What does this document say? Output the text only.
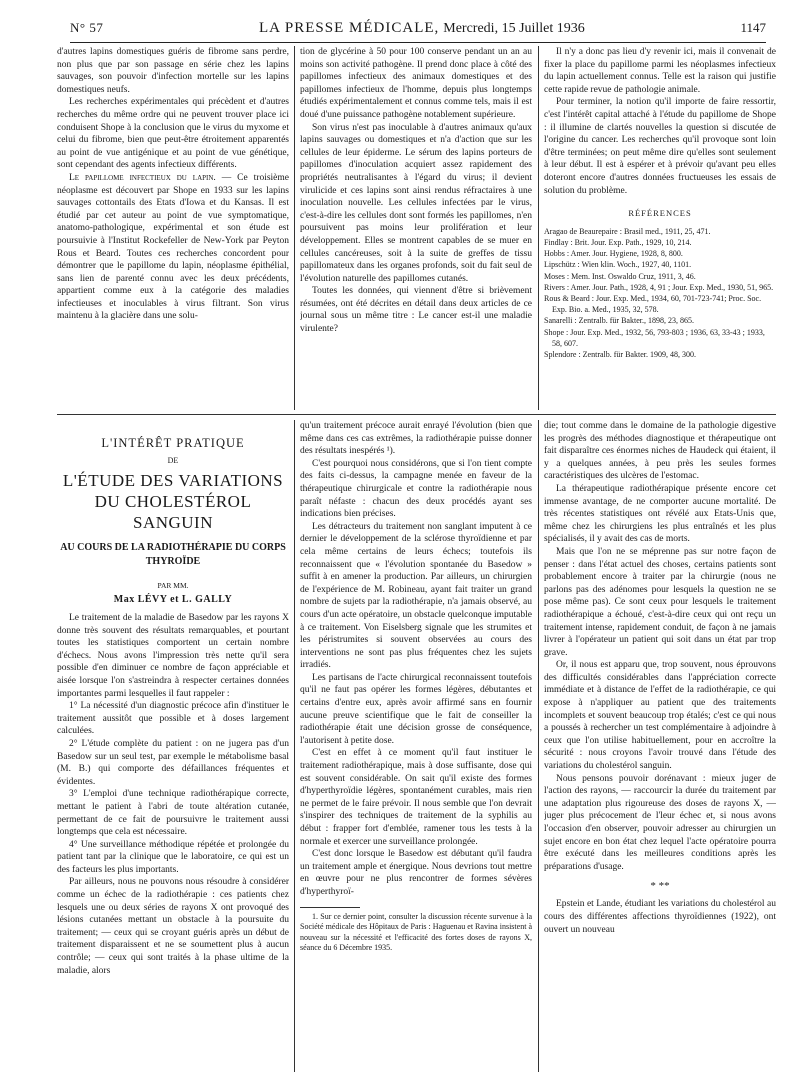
N° 57	LA PRESSE MÉDICALE, Mercredi, 15 Juillet 1936	1147

d'autres lapins domestiques guéris de fibrome sans perdre, non plus que par son passage en série chez les lapins sauvages, son pouvoir d'infection mortelle sur les lapins domestiques neufs.

Les recherches expérimentales qui précèdent et d'autres recherches du même ordre qui ne peuvent trouver place ici conduisent Shope à la conclusion que le virus du myxome et celui du fibrome, bien que peut-être étroitement apparentés au point de vue antigénique et au point de vue génétique, sont cependant des agents infectieux différents.

Le papillome infectieux du lapin. — Ce troisième néoplasme est découvert par Shope en 1933 sur les lapins sauvages cottontails des Etats d'Iowa et du Kansas. Il est étudié par cet auteur au point de vue symptomatique, anatomo-pathologique, expérimental et son étude est poursuivie à l'Institut Rockefeller de New-York par Peyton Rous et Beard. Toutes ces recherches concordent pour démontrer que le papillome du lapin, néoplasme épithélial, sans lien de parenté connu avec les deux précédents, appartient comme eux à la catégorie des maladies infectieuses et inoculables à virus filtrant. Son virus maintenu à la glacière dans une solu-

tion de glycérine à 50 pour 100 conserve pendant un an au moins son activité pathogène. Il prend donc place à côté des papillomes infectieux des animaux domestiques et des papillomes infectieux de l'homme, depuis plus longtemps étudiés expérimentalement et connus comme tels, mais il est doué d'une puissance pathogène notablement supérieure.

Son virus n'est pas inoculable à d'autres animaux qu'aux lapins sauvages ou domestiques et n'a d'action que sur les cellules de leur épiderme. Le sérum des lapins porteurs de papillomes d'inoculation acquiert assez rapidement des propriétés neutralisantes à l'égard du virus; il devient virulicide et ces lapins sont ainsi rendus réfractaires à une inoculation nouvelle. Les cellules infectées par le virus, c'est-à-dire les cellules dont sont formés les papillomes, n'en poursuivent pas moins leur prolifération et leur développement. Elles se montrent capables de se muer en cellules cancéreuses, soit à la suite de greffes de tissu papillomateux dans les organes profonds, soit du fait seul de l'évolution naturelle des papillomes cutanés.

Toutes les données, qui viennent d'être si brièvement résumées, ont été décrites en détail dans deux articles de ce journal sous un même titre : Le cancer est-il une maladie virulente?

Il n'y a donc pas lieu d'y revenir ici, mais il convenait de fixer la place du papillome parmi les néoplasmes infectieux du lapin actuellement connus. Telle est la raison qui justifie cette rapide revue de pathologie animale.

Pour terminer, la notion qu'il importe de faire ressortir, c'est l'intérêt capital attaché à l'étude du papillome de Shope : il illumine de clartés nouvelles la question si discutée de l'origine du cancer. Les recherches qu'il provoque sont loin d'être terminées; on peut même dire qu'elles sont seulement à leur début. Il est à espérer et à prévoir qu'avant peu elles doteront encore d'autres données fructueuses les essais de solution du problème.

RÉFÉRENCES
Aragao de Beaurepaire : Brasil med., 1911, 25, 471.
Findlay : Brit. Jour. Exp. Path., 1929, 10, 214.
Hobbs : Amer. Jour. Hygiene, 1928, 8, 800.
Lipschütz : Wien klin. Woch., 1927, 40, 1101.
Moses : Mem. Inst. Oswaldo Cruz, 1911, 3, 46.
Rivers : Amer. Jour. Path., 1928, 4, 91 ; Jour. Exp. Med., 1930, 51, 965.
Rous & Beard : Jour. Exp. Med., 1934, 60, 701-723-741; Proc. Soc. Exp. Bio. a. Med., 1935, 32, 578.
Sanarelli : Zentralb. für Bakter., 1898, 23, 865.
Shope : Jour. Exp. Med., 1932, 56, 793-803 ; 1936, 63, 33-43 ; 1933, 58, 607.
Splendore : Zentralb. für Bakter. 1909, 48, 300.
L'INTÉRÊT PRATIQUE
DE
L'ÉTUDE DES VARIATIONS DU CHOLESTÉROL SANGUIN
AU COURS DE LA RADIOTHÉRAPIE DU CORPS THYROÏDE
PAR MM.
Max LÉVY et L. GALLY

Le traitement de la maladie de Basedow par les rayons X donne très souvent des résultats remarquables, et pourtant toutes les statistiques comportent un certain nombre d'échecs. Nous avons l'impression très nette qu'il sera possible d'en diminuer ce nombre de façon appréciable et aisée lorsque l'on s'astreindra à respecter certaines données importantes parmi lesquelles il faut rappeler :

1° La nécessité d'un diagnostic précoce afin d'instituer le traitement aussitôt que possible et à doses largement calculées.

2° L'étude complète du patient : on ne jugera pas d'un Basedow sur un seul test, par exemple le métabolisme basal (M. B.) qui comporte des défaillances fréquentes et évidentes.

3° L'emploi d'une technique radiothérapique correcte, mettant le patient à l'abri de toute altération cutanée, permettant de ce fait de poursuivre le traitement aussi longtemps que cela est nécessaire.

4° Une surveillance méthodique répétée et prolongée du patient tant par la clinique que le laboratoire, ce qui est un des facteurs les plus importants.

Par ailleurs, nous ne pouvons nous résoudre à considérer comme un échec de la radiothérapie : ces patients chez lesquels une ou deux séries de rayons X ont provoqué des lésions cutanées mettant un obstacle à la poursuite du traitement; — ceux qui se croyant guéris après un début de traitement disparaissent et ne se soumettent plus à aucun contrôle; — ceux qui sont traités à la phase ultime de la maladie, alors

qu'un traitement précoce aurait enrayé l'évolution (bien que même dans ces cas extrêmes, la radiothérapie puisse donner des résultats inespérés ¹).

C'est pourquoi nous considérons, que si l'on tient compte des faits ci-dessus, la campagne menée en faveur de la thérapeutique chirurgicale et contre la radiothérapie nous paraît néfaste : chacun des deux procédés ayant ses indications bien précises.

Les détracteurs du traitement non sanglant imputent à ce dernier le développement de la sclérose thyroïdienne et par cela même certains de leurs échecs; toutefois ils reconnaissent que « l'évolution spontanée du Basedow » suffit à en amener la production. Par ailleurs, un chirurgien de l'expérience de M. Robineau, ayant fait traiter un grand nombre de sujets par la radiothérapie, n'a jamais observé, au cours d'un acte opératoire, un obstacle quelconque imputable à ce traitement. Von Eiselsberg signale que les strumites et les péristrumites si souvent observées au cours des interventions ne sont pas plus fréquentes chez les sujets irradiés.

Les partisans de l'acte chirurgical reconnaissent toutefois qu'il ne faut pas opérer les formes légères, débutantes et certains d'entre eux, après avoir affirmé sans en fournir aucune preuve scientifique que le fait de conseiller la radiothérapie était une décision grosse de conséquence, l'autorisent à petite dose.

C'est en effet à ce moment qu'il faut instituer le traitement radiothérapique, mais à dose suffisante, dose qui est souvent considérable. On sait qu'il existe des formes d'hyperthyroïdie légères, spontanément curables, mais rien ne permet de le faire prévoir. Il nous semble que l'on devrait s'inspirer des techniques de traitement de la syphilis au début : frapper fort d'emblée, ramener tous les tests à la normale et exercer une surveillance prolongée.

C'est donc lorsque le Basedow est débutant qu'il faudra un traitement ample et énergique. Nous devrions tout mettre en œuvre pour ne plus rencontrer de formes sévères d'hyperthyroï-

1. Sur ce dernier point, consulter la discussion récente survenue à la Société médicale des Hôpitaux de Paris : Haguenau et Ravina insistent à nouveau sur la nécessité et l'efficacité des fortes doses de rayons X, séance du 6 Décembre 1935.

die; tout comme dans le domaine de la pathologie digestive les progrès des méthodes diagnostique et thérapeutique ont fait disparaître ces énormes niches de Haudeck qui étaient, il y a quelques années, à peu près les seules formes caractéristiques des ulcères de l'estomac.

La thérapeutique radiothérapique présente encore cet immense avantage, de ne comporter aucune mortalité. De très récentes statistiques ont révélé aux Etats-Unis que, même chez les chirurgiens les plus entraînés et les plus spécialisés, il y avait des cas de morts.

Mais que l'on ne se méprenne pas sur notre façon de penser : dans l'état actuel des choses, certains patients sont probablement encore à traiter par la chirurgie (nous ne parlons pas des adénomes pour lesquels la question ne se pose même pas). Ce sont ceux pour lesquels le traitement radiothérapique a échoué, c'est-à-dire ceux qui ont reçu un traitement intense, rapidement conduit, de façon à ne jamais livrer à l'opérateur un patient qui soit dans un état par trop grave.

Or, il nous est apparu que, trop souvent, nous éprouvons des difficultés considérables dans l'appréciation correcte immédiate et à distance de l'effet de la radiothérapie, ce qui expose à n'appliquer au patient que des traitements incomplets et souvent beaucoup trop étalés; c'est ce qui nous a poussés à rechercher un test complémentaire à adjoindre à ceux que l'on utilise habituellement, pour en accroître la sécurité : nous croyons l'avoir trouvé dans l'étude des variations du cholestérol sanguin.

Nous pensons pouvoir dorénavant : mieux juger de l'action des rayons, — raccourcir la durée du traitement par une adaptation plus rigoureuse des doses de rayons X, — juger plus précocement de l'leur échec et, si nous avons l'occasion d'en observer, pouvoir adresser au chirurgien un sujet encore en bon état chez lequel l'acte opératoire pourra être exécuté dans les meilleures conditions après les préparations d'usage.

* **

Epstein et Lande, étudiant les variations du cholestérol au cours des différentes affections thyroïdiennes (1922), ont ouvert un nouveau
